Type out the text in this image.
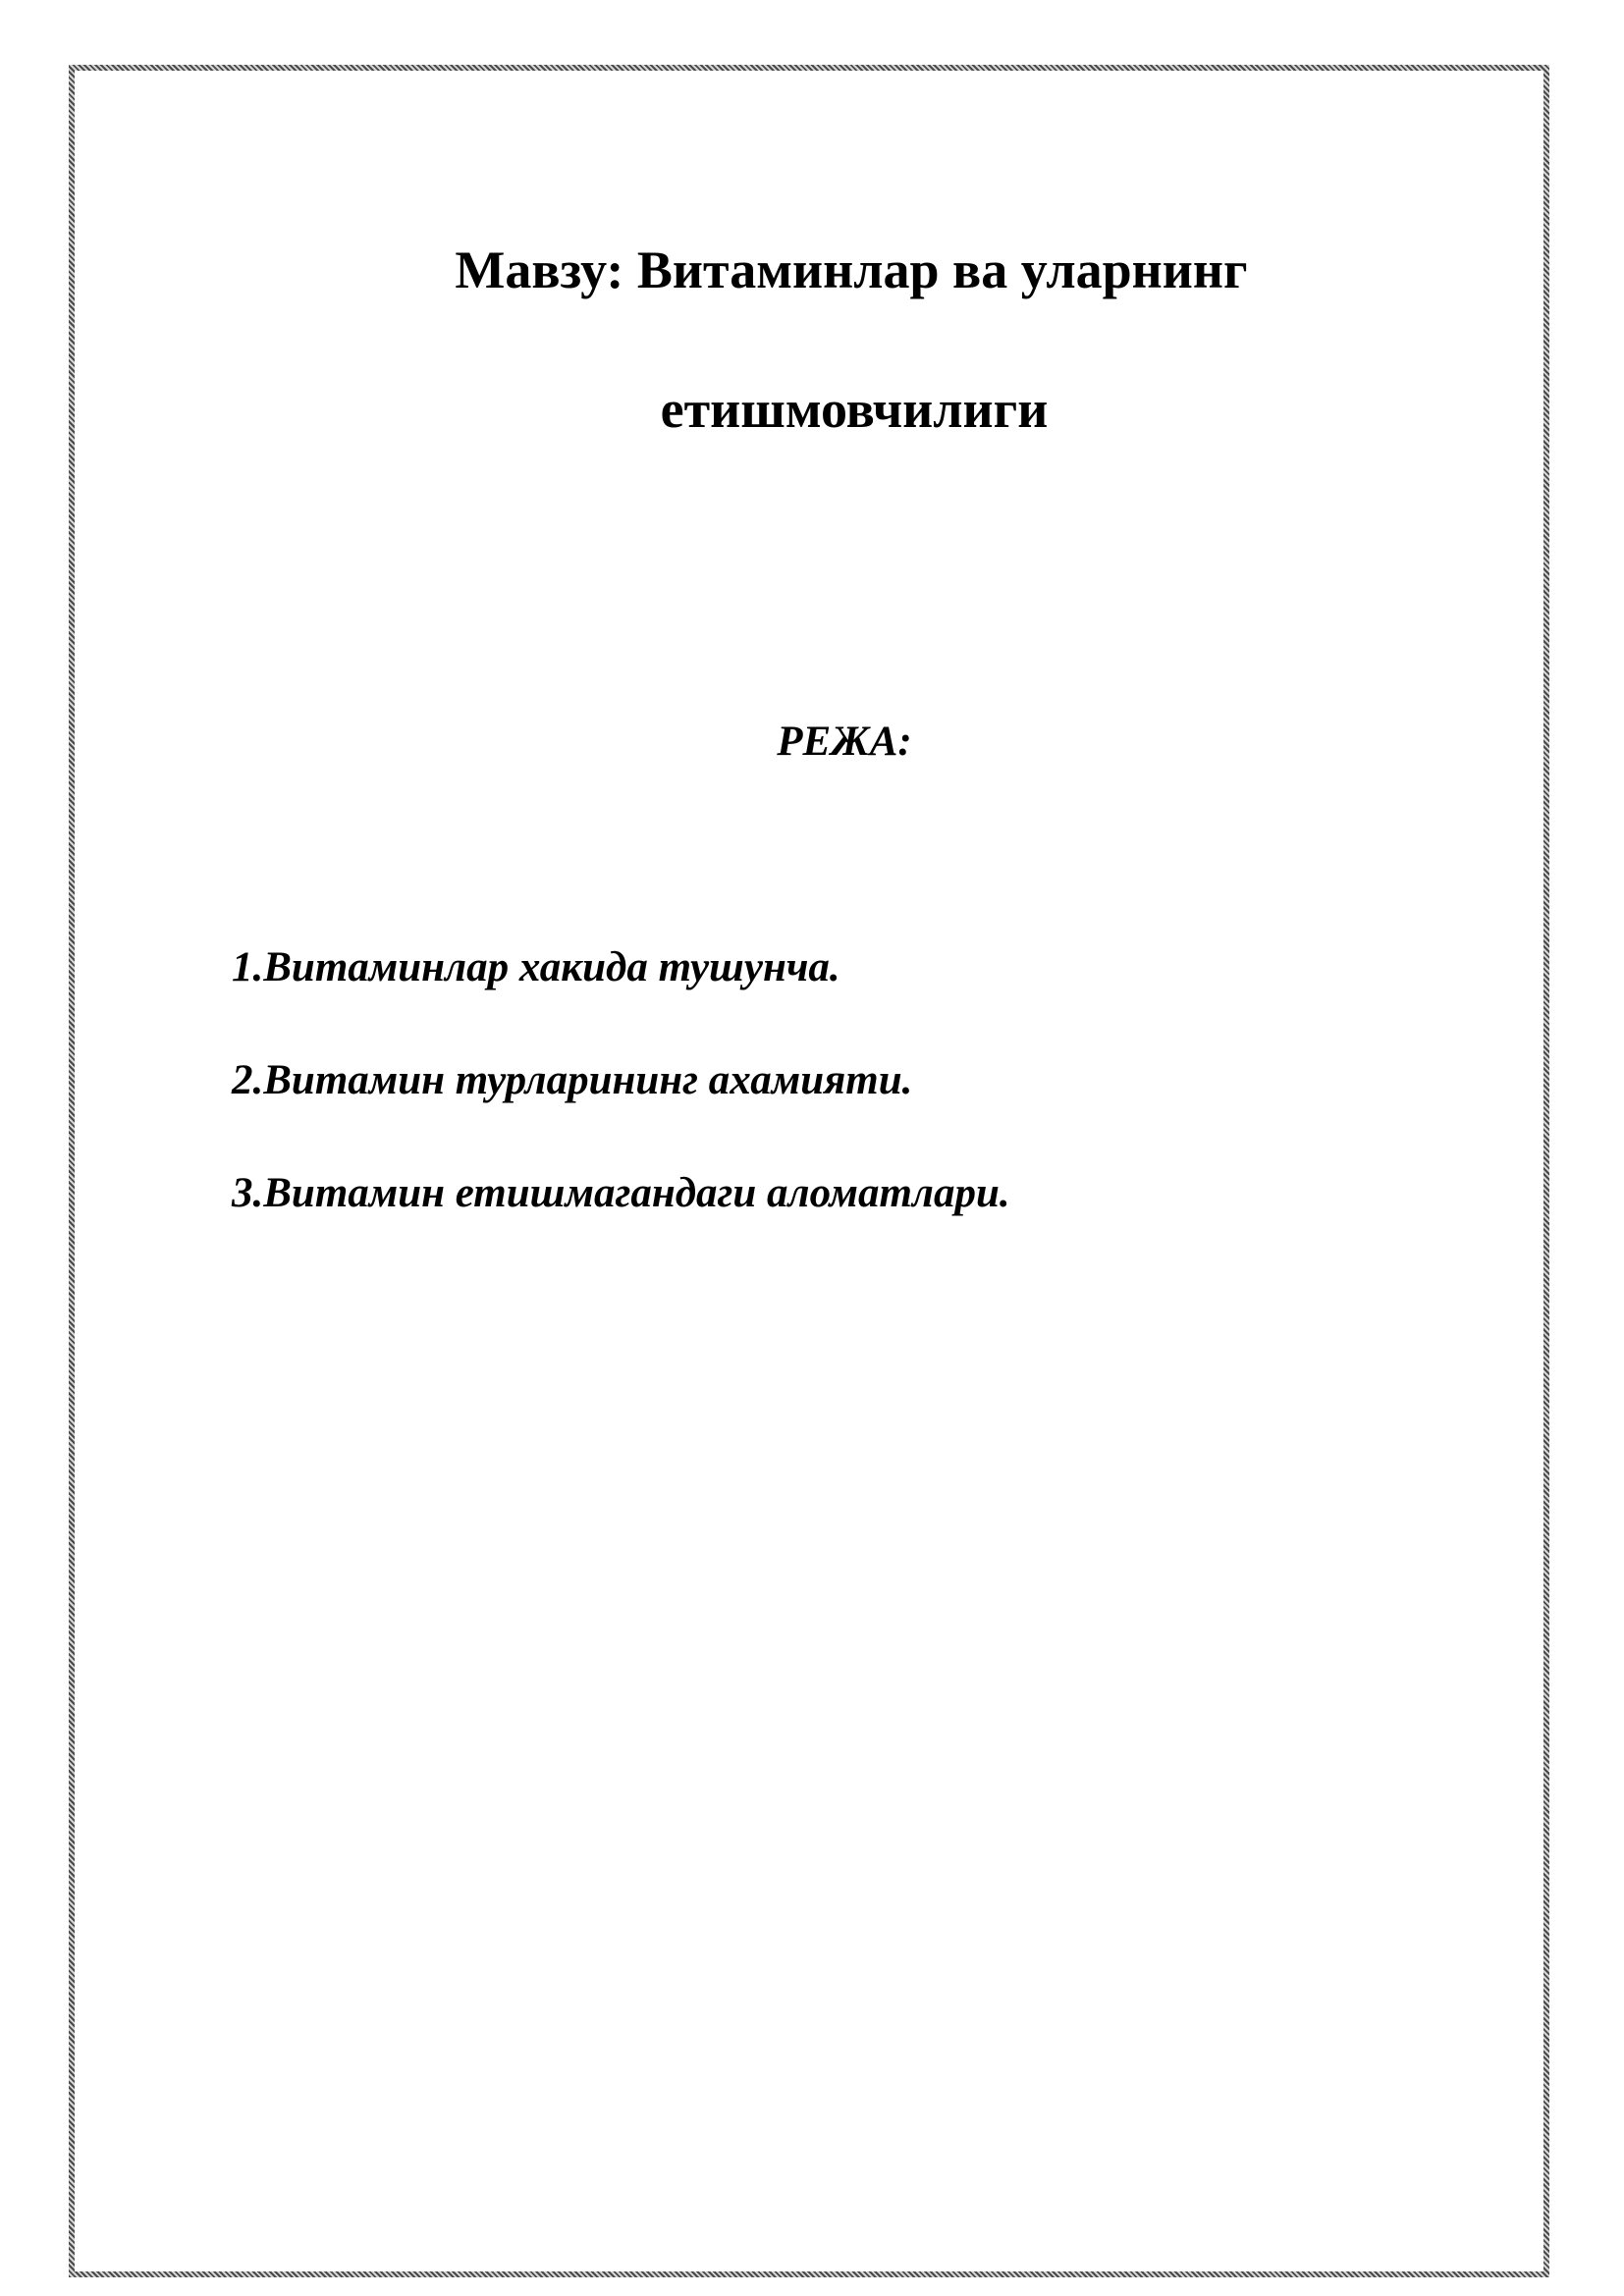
Мавзу: Витаминлар ва уларнинг
етишмовчилиги
РЕЖА:
1.Витаминлар хакида тушунча.
2.Витамин турларининг ахамияти.
3.Витамин етишмагандаги аломатлари.
